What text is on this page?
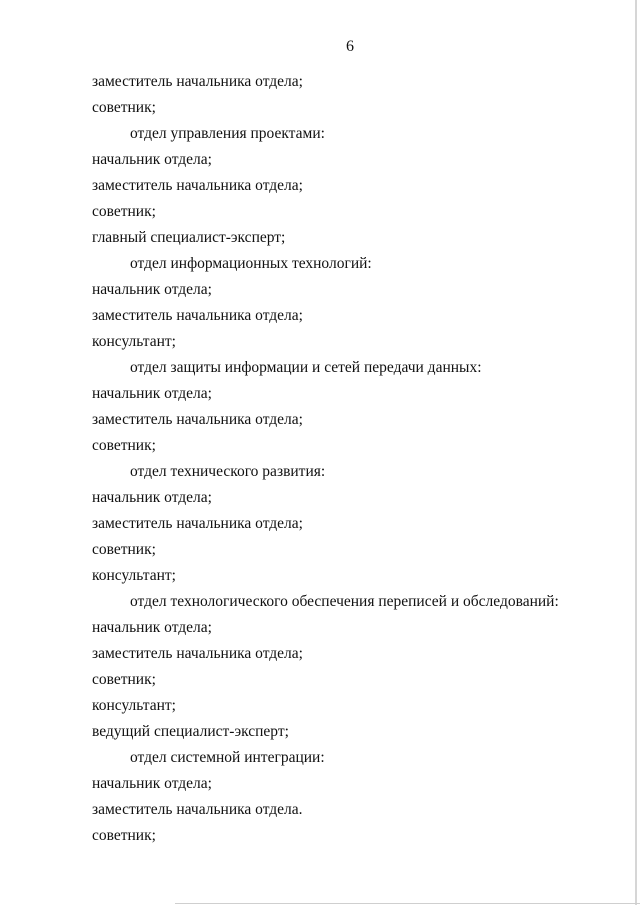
6
заместитель начальника отдела;
советник;
отдел управления проектами:
начальник отдела;
заместитель начальника отдела;
советник;
главный специалист-эксперт;
отдел информационных технологий:
начальник отдела;
заместитель начальника отдела;
консультант;
отдел защиты информации и сетей передачи данных:
начальник отдела;
заместитель начальника отдела;
советник;
отдел технического развития:
начальник отдела;
заместитель начальника отдела;
советник;
консультант;
отдел технологического обеспечения переписей и обследований:
начальник отдела;
заместитель начальника отдела;
советник;
консультант;
ведущий специалист-эксперт;
отдел системной интеграции:
начальник отдела;
заместитель начальника отдела.
советник;
